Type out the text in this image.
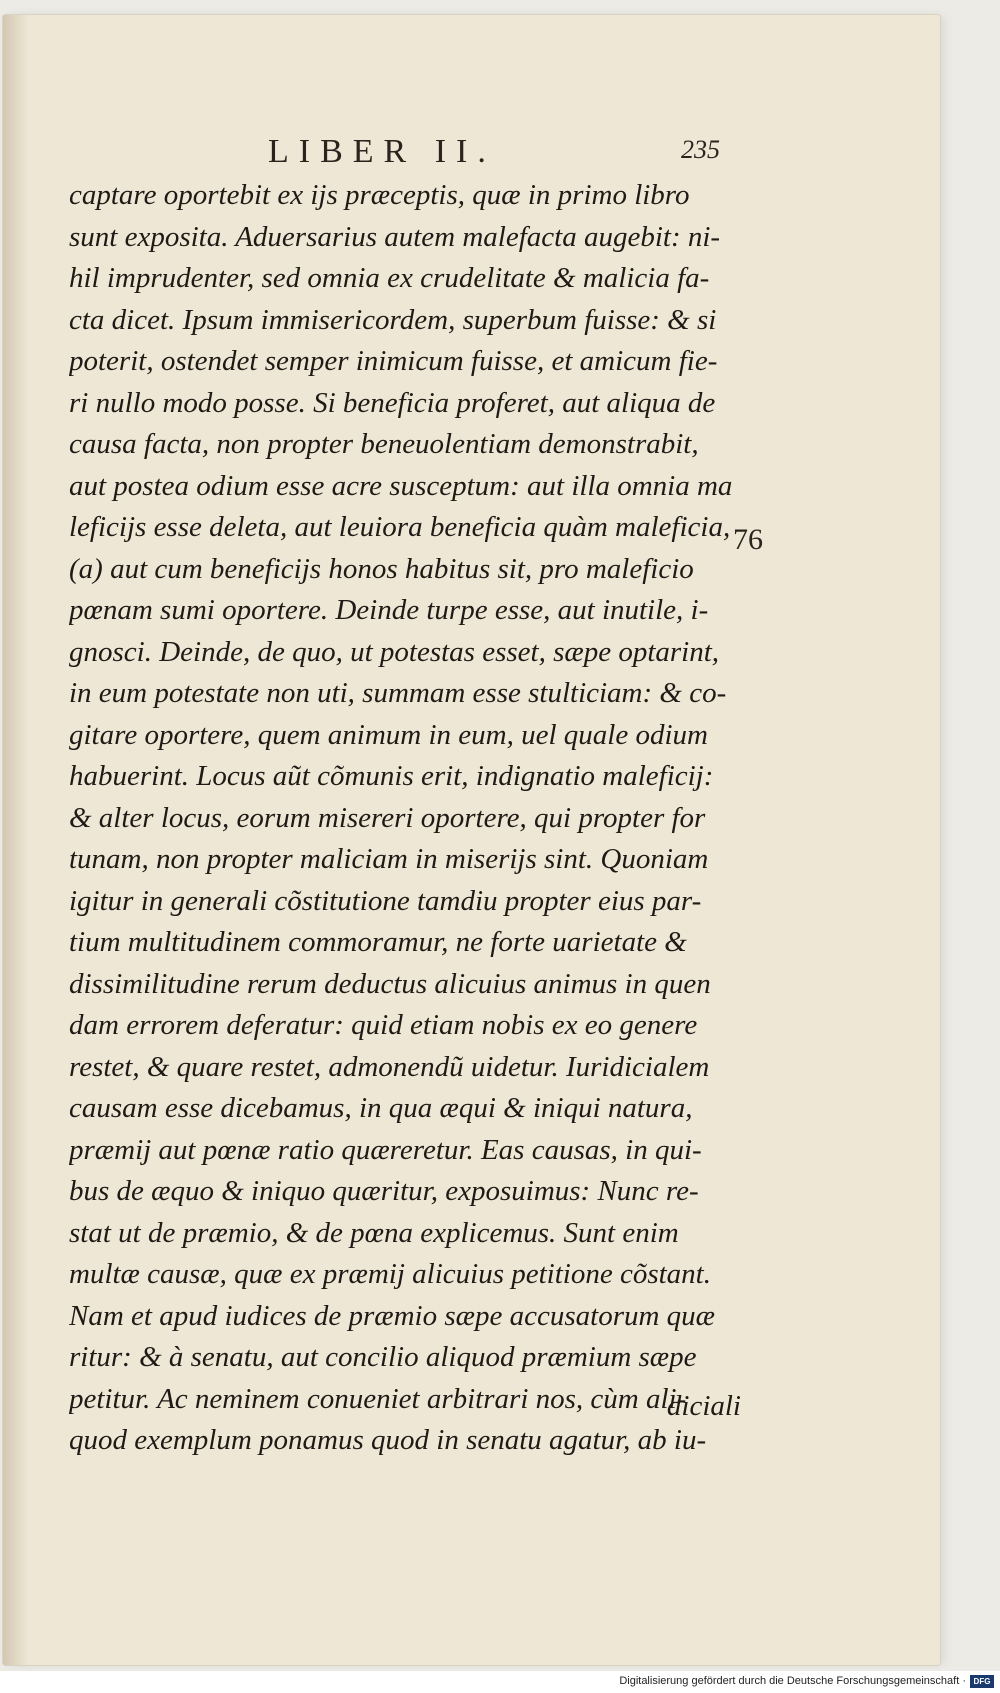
LIBER II.	235
captare oportebit ex ijs præceptis, quæ in primo libro
sunt exposita. Aduersarius autem malefacta augebit: ni-
hil imprudenter, sed omnia ex crudelitate & malicia fa-
cta dicet. Ipsum immisericordem, superbum fuisse: & si
poterit, ostendet semper inimicum fuisse, et amicum fie-
ri nullo modo posse. Si beneficia proferet, aut aliqua de
causa facta, non propter beneuolentiam demonstrabit,
aut postea odium esse acre susceptum: aut illa omnia ma
leficijs esse deleta, aut leuiora beneficia quàm maleficia,
(a) aut cum beneficijs honos habitus sit, pro maleficio
pœnam sumi oportere. Deinde turpe esse, aut inutile, i-
gnosci. Deinde, de quo, ut potestas esset, sæpe optarint,
in eum potestate non uti, summam esse stulticiam: & co-
gitare oportere, quem animum in eum, uel quale odium
habuerint. Locus aũt cõmunis erit, indignatio maleficij:
& alter locus, eorum misereri oportere, qui propter for
tunam, non propter maliciam in miserijs sint. Quoniam
igitur in generali cõstitutione tamdiu propter eius par-
tium multitudinem commoramur, ne forte uarietate &
dissimilitudine rerum deductus alicuius animus in quen
dam errorem deferatur: quid etiam nobis ex eo genere
restet, & quare restet, admonendũ uidetur. Iuridicialem
causam esse dicebamus, in qua æqui & iniqui natura,
præmij aut pœnæ ratio quæreretur. Eas causas, in qui-
bus de æquo & iniquo quæritur, exposuimus: Nunc re-
stat ut de præmio, & de pœna explicemus. Sunt enim
multæ causæ, quæ ex præmij alicuius petitione cõstant.
Nam et apud iudices de præmio sæpe accusatorum quæ
ritur: & à senatu, aut concilio aliquod præmium sæpe
petitur. Ac neminem conueniet arbitrari nos, cùm ali-
quod exemplum ponamus quod in senatu agatur, ab iu-
diciali
76
Digitalisierung gefördert durch die Deutsche Forschungsgemeinschaft · DFG
